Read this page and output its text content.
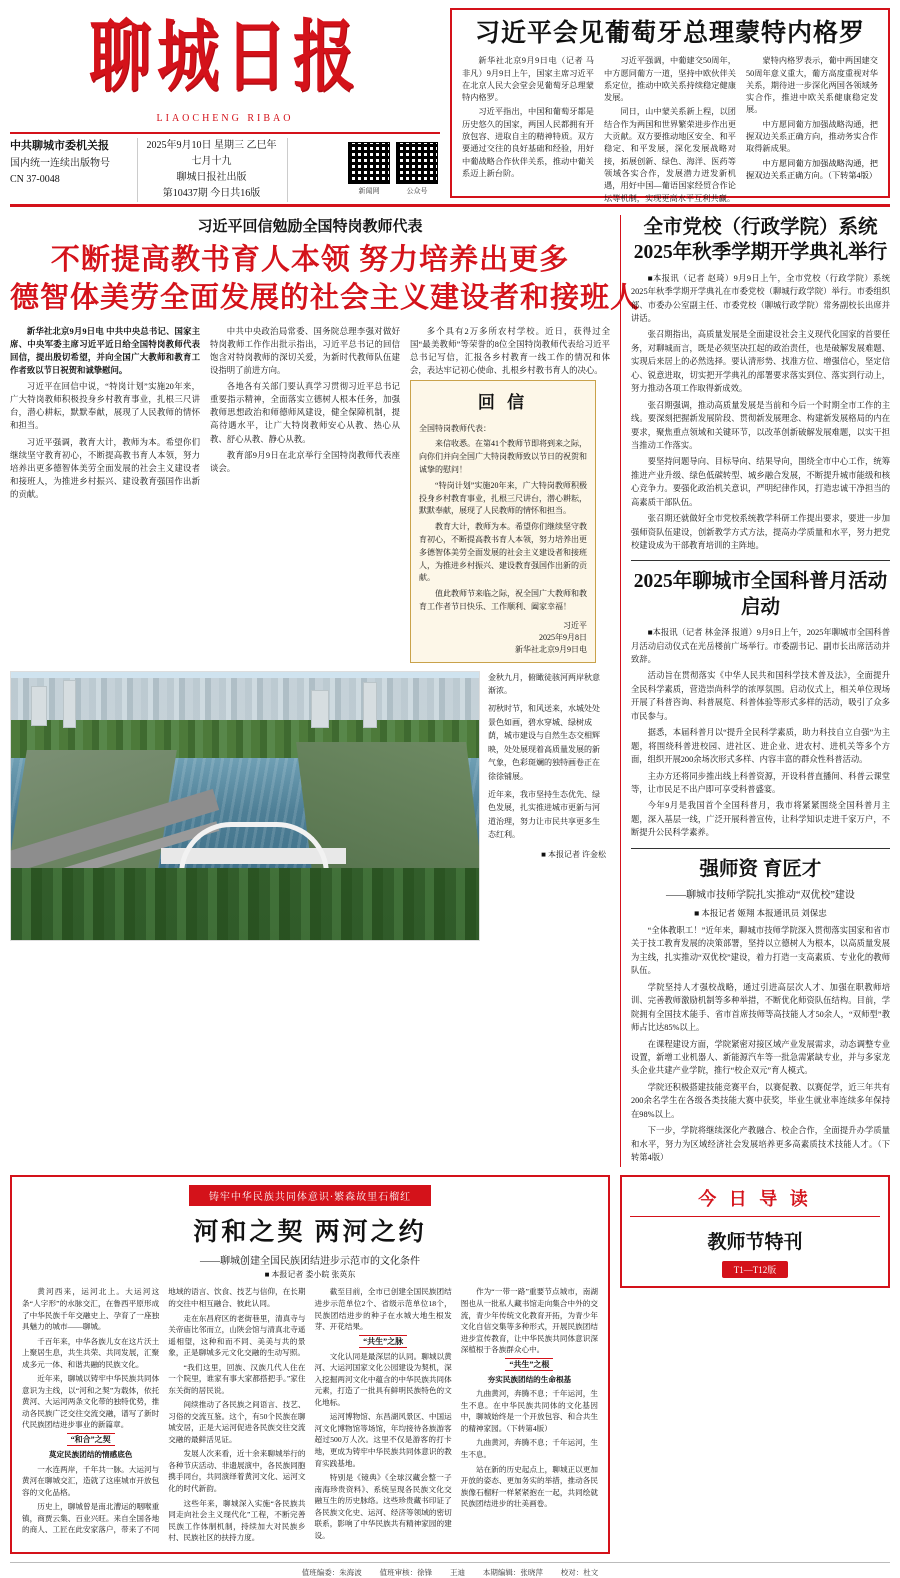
聊城日报
LIAOCHENG RIBAO
中共聊城市委机关报
国内统一连续出版物号
CN 37-0048
2025年9月10日 星期三 乙巳年七月十九
聊城日报社出版
第10437期 今日共16版	新闻网	公众号
习近平会见葡萄牙总理蒙特内格罗

新华社北京9月9日电（记者 马非凡）9月9日上午，国家主席习近平在北京人民大会堂会见葡萄牙总理蒙特内格罗。

习近平指出，中国和葡萄牙都是历史悠久的国家，两国人民都拥有开放包容、进取自主的精神特质。双方要通过交往的良好基础和经验，用好中葡战略合作伙伴关系，推动中葡关系迈上新台阶。

习近平强调，中葡建交50周年，中方愿同葡方一道，坚持中欧伙伴关系定位，推动中欧关系持续稳定健康发展。

同日，山中蒙关系新上程，以团结合作为两国和世界繁荣进步作出更大贡献。双方要推动地区安全、和平稳定、和平发展，深化发展战略对接，拓展创新、绿色、海洋、医药等领域各实合作，发展潜力迸发新机遇，用好中国—葡语国家经贸合作论坛等机制，实现更高水平互利共赢。

蒙特内格罗表示，葡中两国建交50周年意义重大，葡方高度重视对华关系，期待进一步深化两国各领域务实合作，推进中欧关系健康稳定发展。

中方愿同葡方加强战略沟通，把握双边关系正确方向，推动务实合作取得新成果。

中方愿同葡方加强战略沟通，把握双边关系正确方向。（下转第4版）

习近平回信勉励全国特岗教师代表
不断提高教书育人本领 努力培养出更多
德智体美劳全面发展的社会主义建设者和接班人

新华社北京9月9日电 中共中央总书记、国家主席、中央军委主席习近平近日给全国特岗教师代表回信，提出殷切希望，并向全国广大教师和教育工作者致以节日祝贺和诚挚慰问。

习近平在回信中说，“特岗计划”实施20年来，广大特岗教师积极投身乡村教育事业，扎根三尺讲台，潜心耕耘，默默奉献，展现了人民教师的情怀和担当。

习近平强调，教育大计，教师为本。希望你们继续坚守教育初心，不断提高教书育人本领，努力培养出更多德智体美劳全面发展的社会主义建设者和接班人，为推进乡村振兴、建设教育强国作出新的贡献。

中共中央政治局常委、国务院总理李强对做好特岗教师工作作出批示指出，习近平总书记的回信饱含对特岗教师的深切关爱，为新时代教师队伍建设指明了前进方向。

各地各有关部门要认真学习贯彻习近平总书记重要指示精神，全面落实立德树人根本任务，加强教师思想政治和师德师风建设，健全保障机制，提高待遇水平，让广大特岗教师安心从教、热心从教、舒心从教、静心从教。

教育部9月9日在北京举行全国特岗教师代表座谈会。

多个具有2万多所农村学校。近日，获得过全国“最美教师”等荣誉的8位全国特岗教师代表给习近平总书记写信，汇报各乡村教育一线工作的情况和体会，表达牢记初心使命、扎根乡村教书育人的决心。

回 信

全国特岗教师代表：

来信收悉。在第41个教师节即将到来之际，向你们并向全国广大特岗教师致以节日的祝贺和诚挚的慰问！

“特岗计划”实施20年来，广大特岗教师积极投身乡村教育事业，扎根三尺讲台，潜心耕耘，默默奉献，展现了人民教师的情怀和担当。

教育大计，教师为本。希望你们继续坚守教育初心，不断提高教书育人本领，努力培养出更多德智体美劳全面发展的社会主义建设者和接班人，为推进乡村振兴、建设教育强国作出新的贡献。

值此教师节来临之际，祝全国广大教师和教育工作者节日快乐、工作顺利、阖家幸福！

习近平
2025年9月8日
新华社北京9月9日电

金秋九月，俯瞰徒骇河两岸秋意渐浓。

初秋时节，和风送来，水城处处景色如画，碧水穿城、绿树成荫，城市建设与自然生态交相辉映，处处展现着高质量发展的新气象，色彩斑斓的独特画卷正在徐徐铺展。

近年来，我市坚持生态优先、绿色发展，扎实推进城市更新与河道治理，努力让市民共享更多生态红利。

■ 本报记者 许金松
全市党校（行政学院）系统
2025年秋季学期开学典礼举行

■本报讯（记者 赵琦）9月9日上午，全市党校（行政学院）系统2025年秋季学期开学典礼在市委党校（聊城行政学院）举行。市委组织部、市委办公室副主任、市委党校（聊城行政学院）常务副校长出席并讲话。

张召期指出，高质量发展是全面建设社会主义现代化国家的首要任务，对聊城而言，既是必须坚决扛起的政治责任，也是破解发展难题、实现后来居上的必然选择。要认清形势、找准方位、增强信心，坚定信心、锐意进取，切实把开学典礼的部署要求落实到位、落实到行动上，努力推动各项工作取得新成效。

张召期强调，推动高质量发展是当前和今后一个时期全市工作的主线。要深刻把握新发展阶段、贯彻新发展理念、构建新发展格局的内在要求，聚焦重点领域和关键环节，以改革创新破解发展难题，以实干担当推动工作落实。

要坚持问题导向、目标导向、结果导向，围绕全市中心工作，统筹推进产业升级、绿色低碳转型、城乡融合发展，不断提升城市能级和核心竞争力。要强化政治机关意识，严明纪律作风，打造忠诚干净担当的高素质干部队伍。

张召期还就做好全市党校系统教学科研工作提出要求，要进一步加强师资队伍建设，创新教学方式方法，提高办学质量和水平，努力把党校建设成为干部教育培训的主阵地。

2025年聊城市全国科普月活动启动

■本报讯（记者 林金泽 报道）9月9日上午，2025年聊城市全国科普月活动启动仪式在光岳楼前广场举行。市委副书记、副市长出席活动并致辞。

活动旨在贯彻落实《中华人民共和国科学技术普及法》，全面提升全民科学素质，营造崇尚科学的浓厚氛围。启动仪式上，相关单位现场开展了科普咨询、科普展览、科普体验等形式多样的活动，吸引了众多市民参与。

据悉，本届科普月以“提升全民科学素质，助力科技自立自强”为主题，将围绕科普进校园、进社区、进企业、进农村、进机关等多个方面，组织开展200余场次形式多样、内容丰富的群众性科普活动。

主办方还将同步推出线上科普资源，开设科普直播间、科普云课堂等，让市民足不出户即可享受科普盛宴。

今年9月是我国首个全国科普月，我市将紧紧围绕全国科普月主题，深入基层一线，广泛开展科普宣传，让科学知识走进千家万户，不断提升公民科学素养。

强师资 育匠才
——聊城市技师学院扎实推动“双优校”建设
■ 本报记者 姬翔 本报通讯员 刘保忠

“全体教职工！”近年来，聊城市技师学院深入贯彻落实国家和省市关于技工教育发展的决策部署，坚持以立德树人为根本，以高质量发展为主线，扎实推动“双优校”建设，着力打造一支高素质、专业化的教师队伍。

学院坚持人才强校战略，通过引进高层次人才、加强在职教师培训、完善教师激励机制等多种举措，不断优化师资队伍结构。目前，学院拥有全国技术能手、省市首席技师等高技能人才50余人，“双师型”教师占比达85%以上。

在课程建设方面，学院紧密对接区域产业发展需求，动态调整专业设置，新增工业机器人、新能源汽车等一批急需紧缺专业，并与多家龙头企业共建产业学院，推行“校企双元”育人模式。

学院还积极搭建技能竞赛平台，以赛促教、以赛促学，近三年共有200余名学生在各级各类技能大赛中获奖，毕业生就业率连续多年保持在98%以上。

下一步，学院将继续深化产教融合、校企合作，全面提升办学质量和水平，努力为区域经济社会发展培养更多高素质技术技能人才。（下转第4版）

铸牢中华民族共同体意识·繁森故里石榴红
河和之契 两河之约
——聊城创建全国民族团结进步示范市的文化条件
■ 本报记者 娄小皖 张英东

黄河西来，运河北上。大运河这条“人字形”的水脉交汇，在鲁西平原形成了中华民族千年交融史上、孕育了一座独具魅力的城市——聊城。

千百年来，中华各族儿女在这片沃土上聚居生息，共生共荣、共同发展，汇聚成多元一体、和谐共融的民族文化。

近年来，聊城以铸牢中华民族共同体意识为主线，以“河和之契”为载体，依托黄河、大运河两条文化带的独特优势，推动各民族广泛交往交流交融，谱写了新时代民族团结进步事业的新篇章。

“和合”之契

莫定民族团结的情感底色

一水连两岸，千年共一脉。大运河与黄河在聊城交汇，造就了这座城市开放包容的文化品格。

历史上，聊城曾是南北漕运的咽喉重镇，商贾云集、百业兴旺。来自全国各地的商人、工匠在此安家落户，带来了不同地域的语言、饮食、技艺与信仰，在长期的交往中相互融合、彼此认同。

走在东昌府区的老街巷里，清真寺与关帝庙比邻而立，山陕会馆与清真北寺遥遥相望，这种和而不同、美美与共的景象，正是聊城多元文化交融的生动写照。

“我们这里，回族、汉族几代人住在一个院里，谁家有事大家都搭把手。”家住东关街的居民说。

间续推动了各民族之间语言、技艺、习俗的交流互鉴。这个，有50个民族在聊城安居，正是大运河促进各民族交往交流交融的最鲜活见证。

发展人次来看，近十余来聊城举行的各种节庆活动、非遗展演中，各民族同胞携手同台，共同演绎着黄河文化、运河文化的时代新韵。

这些年来，聊城深入实施“各民族共同走向社会主义现代化”工程，不断完善民族工作体制机制，持续加大对民族乡村、民族社区的扶持力度。

截至目前，全市已创建全国民族团结进步示范单位2个、省级示范单位18个，民族团结进步的种子在水城大地生根发芽、开花结果。

“共生”之脉

文化认同是最深层的认同。聊城以黄河、大运河国家文化公园建设为契机，深入挖掘两河文化中蕴含的中华民族共同体元素，打造了一批具有鲜明民族特色的文化地标。

运河博物馆、东昌湖风景区、中国运河文化博物馆等场馆，年均接待各族游客超过500万人次。这里不仅是游客的打卡地，更成为铸牢中华民族共同体意识的教育实践基地。

特别是《镜典》《全球汉藏会整一子南海珍贵资料》、系统呈现各民族文化交融互生的历史脉络。这些珍贵藏书印证了各民族文化史、运河、经济等领域的密切联系，影响了中华民族共有精神家园的建设。

作为“一带一路”重要节点城市，南湖图也从一批私人藏书馆走向集合中外的交流，青少年传统文化教育开拓，为青少年文化自信交集等多种形式，开展民族团结进步宣传教育，让中华民族共同体意识深深植根于各族群众心中。

“共生”之根

夯实民族团结的生命根基

九曲黄河，奔腾不息；千年运河，生生不息。在中华民族共同体的文化基因中，聊城始终是一个开放包容、和合共生的精神家园。（下转第4版）

九曲黄河，奔腾不息；千年运河，生生不息。

站在新的历史起点上，聊城正以更加开放的姿态、更加务实的举措，推动各民族像石榴籽一样紧紧抱在一起，共同绘就民族团结进步的壮美画卷。

今 日 导 读
教师节特刊
T1—T12版
值班编委：朱海波 值班审核：徐锋 王迪 本期编辑：张晓萍 校对：杜文
